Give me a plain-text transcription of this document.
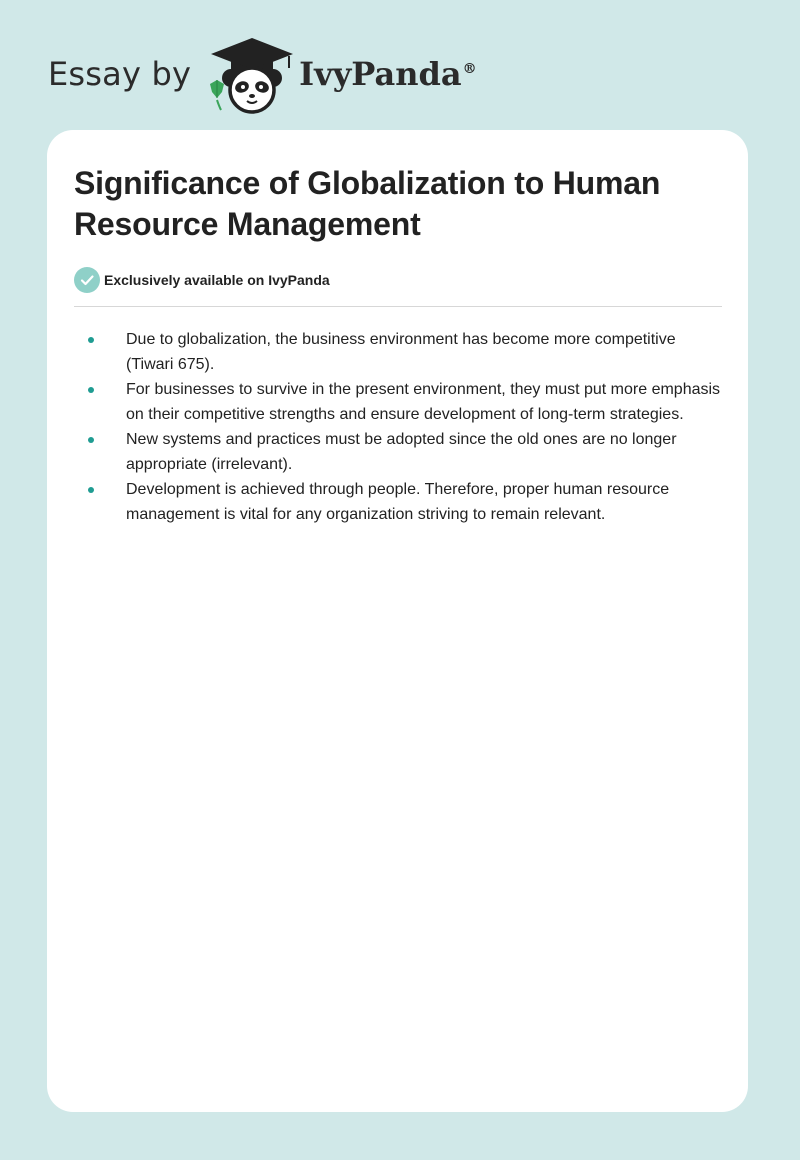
Essay by	IvyPanda®
Significance of Globalization to Human Resource Management
Exclusively available on IvyPanda
Due to globalization, the business environment has become more competitive (Tiwari 675).
For businesses to survive in the present environment, they must put more emphasis on their competitive strengths and ensure development of long-term strategies.
New systems and practices must be adopted since the old ones are no longer appropriate (irrelevant).
Development is achieved through people. Therefore, proper human resource management is vital for any organization striving to remain relevant.
